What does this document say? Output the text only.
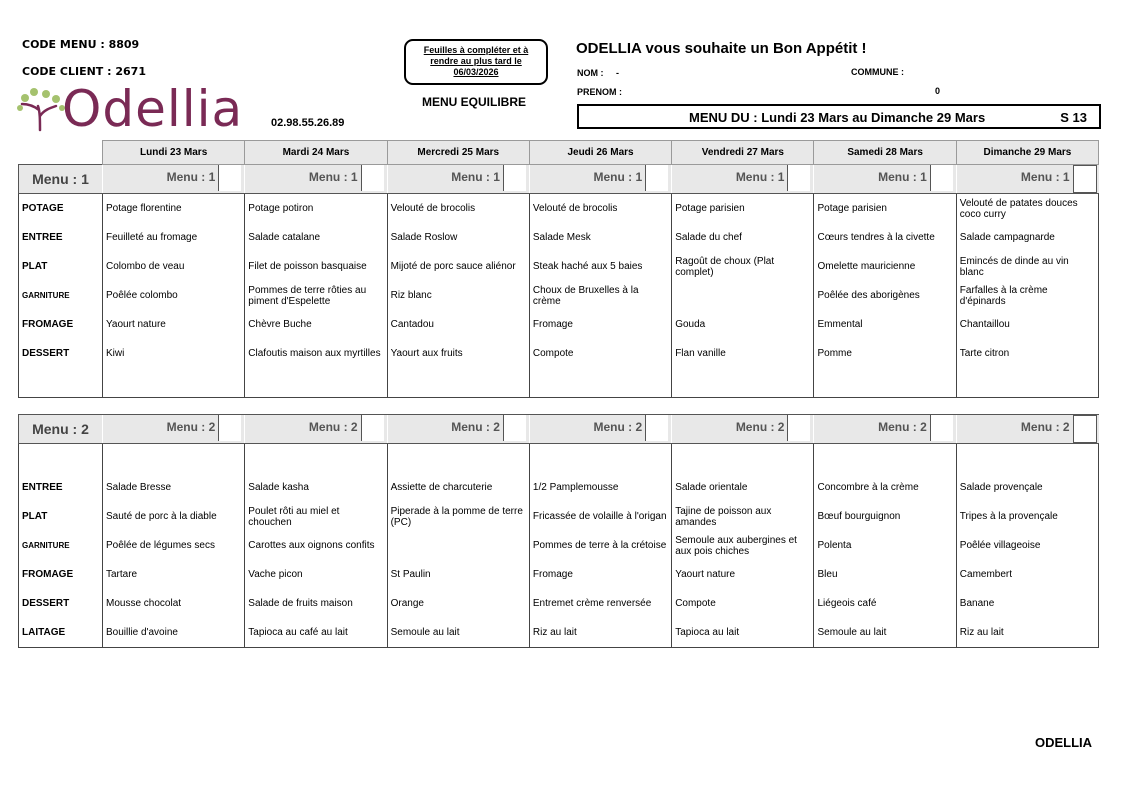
CODE MENU : 8809
CODE CLIENT : 2671
Odellia	02.98.55.26.89
Feuilles à compléter et à
rendre au plus tard le
06/03/2026
MENU EQUILIBRE
ODELLIA vous souhaite un Bon Appétit !
NOM : -
PRENOM :
COMMUNE :
0
MENU DU : Lundi 23 Mars au Dimanche 29 Mars	S 13
	Lundi 23 Mars	Mardi 24 Mars	Mercredi 25 Mars	Jeudi 26 Mars	Vendredi 27 Mars	Samedi 28 Mars	Dimanche 29 Mars
Menu : 1	Menu : 1	Menu : 1	Menu : 1	Menu : 1	Menu : 1	Menu : 1	Menu : 1

POTAGE	Potage florentine	Potage potiron	Velouté de brocolis	Velouté de brocolis	Potage parisien	Potage parisien	Velouté de patates douces coco curry
ENTREE	Feuilleté au fromage	Salade catalane	Salade Roslow	Salade Mesk	Salade du chef	Cœurs tendres à la civette	Salade campagnarde
PLAT	Colombo de veau	Filet de poisson basquaise	Mijoté de porc sauce aliénor	Steak haché aux 5 baies	Ragoût de choux (Plat complet)	Omelette mauricienne	Emincés de dinde au vin blanc
GARNITURE	Poêlée colombo	Pommes de terre rôties au piment d'Espelette	Riz blanc	Choux de Bruxelles à la crème		Poêlée des aborigènes	Farfalles à la crème d'épinards
FROMAGE	Yaourt nature	Chèvre Buche	Cantadou	Fromage	Gouda	Emmental	Chantaillou
DESSERT	Kiwi	Clafoutis maison aux myrtilles	Yaourt aux fruits	Compote	Flan vanille	Pomme	Tarte citron

Menu : 2	Menu : 2	Menu : 2	Menu : 2	Menu : 2	Menu : 2	Menu : 2	Menu : 2

ENTREE	Salade Bresse	Salade kasha	Assiette de charcuterie	1/2 Pamplemousse	Salade orientale	Concombre à la crème	Salade provençale
PLAT	Sauté de porc à la diable	Poulet rôti au miel et chouchen	Piperade à la pomme de terre (PC)	Fricassée de volaille à l'origan	Tajine de poisson aux amandes	Bœuf bourguignon	Tripes à la provençale
GARNITURE	Poêlée de légumes secs	Carottes aux oignons confits		Pommes de terre à la crétoise	Semoule aux aubergines et aux pois chiches	Polenta	Poêlée villageoise
FROMAGE	Tartare	Vache picon	St Paulin	Fromage	Yaourt nature	Bleu	Camembert
DESSERT	Mousse chocolat	Salade de fruits maison	Orange	Entremet crème renversée	Compote	Liégeois café	Banane
LAITAGE	Bouillie d'avoine	Tapioca au café au lait	Semoule au lait	Riz au lait	Tapioca au lait	Semoule au lait	Riz au lait
ODELLIA
